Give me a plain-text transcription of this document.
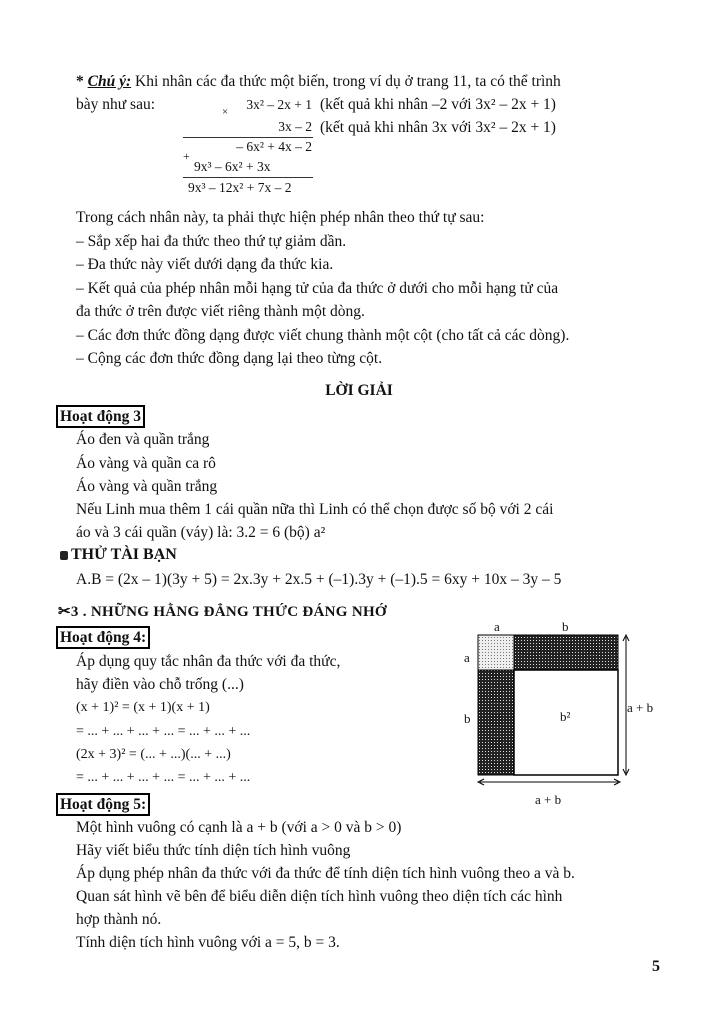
* Chú ý: Khi nhân các đa thức một biến, trong ví dụ ở trang 11, ta có thể trình
bày như sau:	× 3x² – 2x + 1
3x – 2
– 6x² + 4x – 2
+
9x³ – 6x² + 3x
9x³ – 12x² + 7x – 2
(kết quả khi nhân –2 với 3x² – 2x + 1)
(kết quả khi nhân 3x với 3x² – 2x + 1)
Trong cách nhân này, ta phải thực hiện phép nhân theo thứ tự sau:
– Sắp xếp hai đa thức theo thứ tự giảm dần.
– Đa thức này viết dưới dạng đa thức kia.
– Kết quả của phép nhân mỗi hạng tử của đa thức ở dưới cho mỗi hạng tử của
đa thức ở trên được viết riêng thành một dòng.
– Các đơn thức đồng dạng được viết chung thành một cột (cho tất cả các dòng).
– Cộng các đơn thức đồng dạng lại theo từng cột.
LỜI GIẢI
Hoạt động 3
Áo đen và quần trắng
Áo vàng và quần ca rô
Áo vàng và quần trắng
Nếu Linh mua thêm 1 cái quần nữa thì Linh có thể chọn được số bộ với 2 cái
áo và 3 cái quần (váy) là: 3.2 = 6 (bộ) a²
THỬ TÀI BẠN
A.B = (2x – 1)(3y + 5) = 2x.3y + 2x.5 + (–1).3y + (–1).5 = 6xy + 10x – 3y – 5
✂3 . NHỮNG HẰNG ĐẲNG THỨC ĐÁNG NHỚ
Hoạt động 4:
Áp dụng quy tắc nhân đa thức với đa thức,
hãy điền vào chỗ trống (...)
(x + 1)² = (x + 1)(x + 1)
= ... + ... + ... + ... = ... + ... + ...
(2x + 3)² = (... + ...)(... + ...)
= ... + ... + ... + ... = ... + ... + ...
a	b
a
b
a + b
a + b
b²
Hoạt động 5:
Một hình vuông có cạnh là a + b (với a > 0 và b > 0)
Hãy viết biểu thức tính diện tích hình vuông
Áp dụng phép nhân đa thức với đa thức để tính diện tích hình vuông theo a và b.
Quan sát hình vẽ bên để biểu diễn diện tích hình vuông theo diện tích các hình
hợp thành nó.
Tính diện tích hình vuông với a = 5, b = 3.
5
